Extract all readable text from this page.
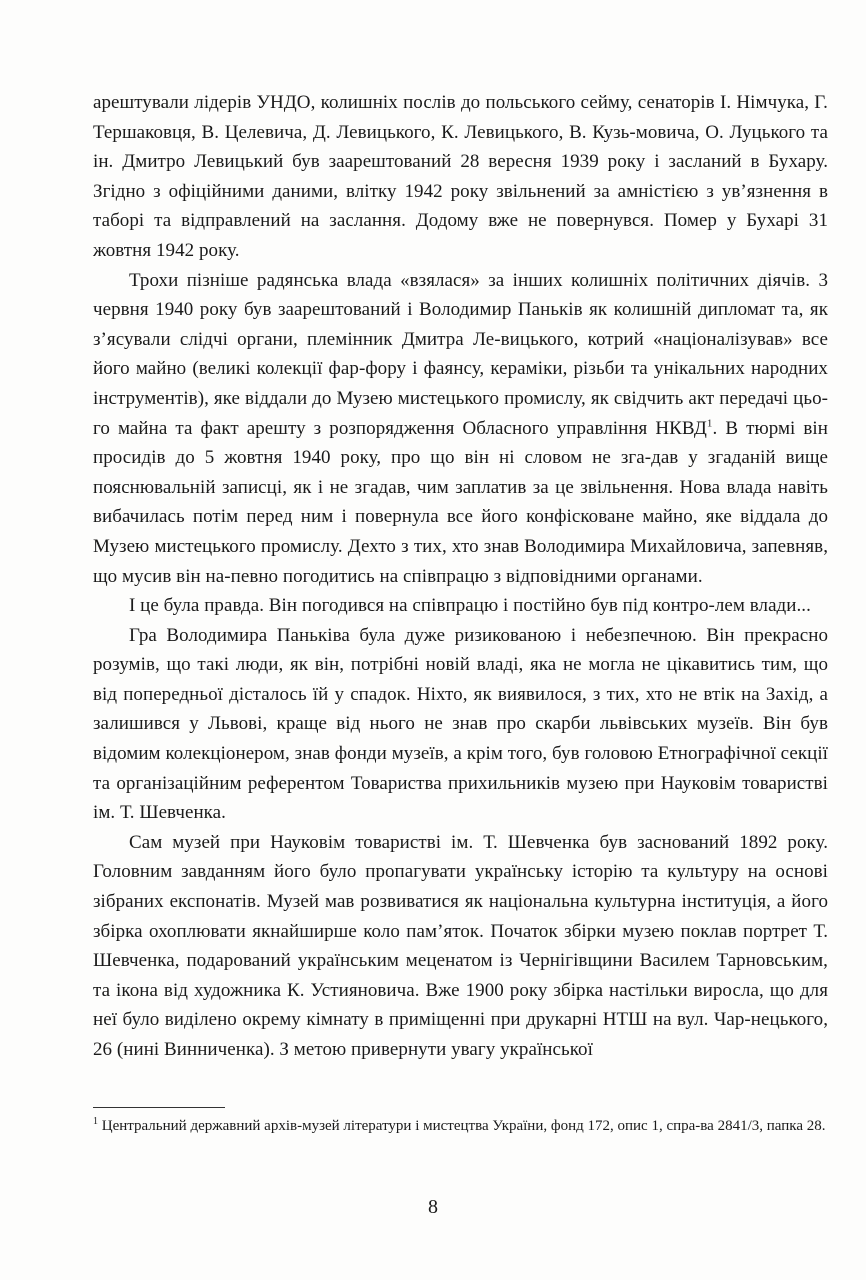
арештували лідерів УНДО, колишніх послів до польського сейму, сенаторів І. Німчука, Г. Тершаковця, В. Целевича, Д. Левицького, К. Левицького, В. Кузь-мовича, О. Луцького та ін. Дмитро Левицький був заарештований 28 вересня 1939 року і засланий в Бухару. Згідно з офіційними даними, влітку 1942 року звільнений за амністією з ув’язнення в таборі та відправлений на заслання. Додому вже не повернувся. Помер у Бухарі 31 жовтня 1942 року.

Трохи пізніше радянська влада «взялася» за інших колишніх політичних діячів. 3 червня 1940 року був заарештований і Володимир Паньків як колишній дипломат та, як з’ясували слідчі органи, племінник Дмитра Ле-вицького, котрий «націоналізував» все його майно (великі колекції фар-фору і фаянсу, кераміки, різьби та унікальних народних інструментів), яке віддали до Музею мистецького промислу, як свідчить акт передачі цьо-го майна та факт арешту з розпорядження Обласного управління НКВД$^1$. В тюрмі він просидів до 5 жовтня 1940 року, про що він ні словом не зга-дав у згаданій вище пояснювальній записці, як і не згадав, чим заплатив за це звільнення. Нова влада навіть вибачилась потім перед ним і повернула все його конфісковане майно, яке віддала до Музею мистецького промислу. Дехто з тих, хто знав Володимира Михайловича, запевняв, що мусив він на-певно погодитись на співпрацю з відповідними органами.

І це була правда. Він погодився на співпрацю і постійно був під контро-лем влади...

Гра Володимира Паньківа була дуже ризикованою і небезпечною. Він прекрасно розумів, що такі люди, як він, потрібні новій владі, яка не могла не цікавитись тим, що від попередньої дісталось їй у спадок. Ніхто, як виявилося, з тих, хто не втік на Захід, а залишився у Львові, краще від нього не знав про скарби львівських музеїв. Він був відомим колекціонером, знав фонди музеїв, а крім того, був головою Етнографічної секції та організаційним референтом Товариства прихильників музею при Науковім товаристві ім. Т. Шевченка.

Сам музей при Науковім товаристві ім. Т. Шевченка був заснований 1892 року. Головним завданням його було пропагувати українську історію та культуру на основі зібраних експонатів. Музей мав розвиватися як національна культурна інституція, а його збірка охоплювати якнайширше коло пам’яток. Початок збірки музею поклав портрет Т. Шевченка, подарований українським меценатом із Чернігівщини Василем Тарновським, та ікона від художника К. Устияновича. Вже 1900 року збірка настільки виросла, що для неї було виділено окрему кімнату в приміщенні при друкарні НТШ на вул. Чар-нецького, 26 (нині Винниченка). З метою привернути увагу української

$^1$ Центральний державний архів-музей літератури і мистецтва України, фонд 172, опис 1, спра-ва 2841/3, папка 28.
8
